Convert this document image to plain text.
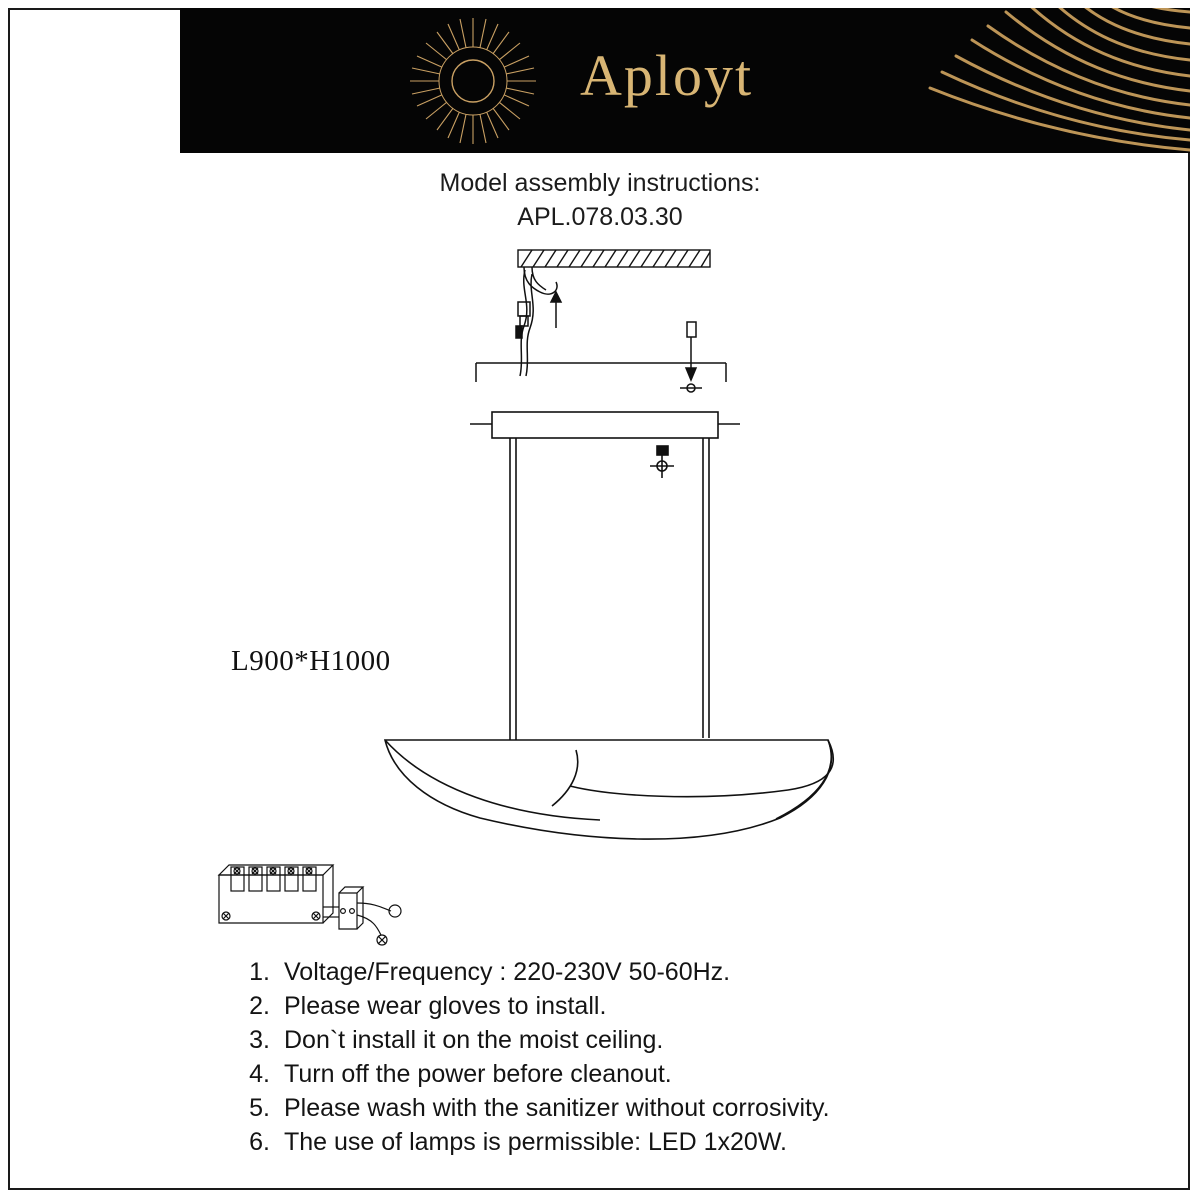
Aployt
Model assembly instructions:
APL.078.03.30
L900*H1000
1. Voltage/Frequency : 220-230V 50-60Hz.
2. Please wear gloves to install.
3. Don`t install it on the moist ceiling.
4. Turn off the power before cleanout.
5. Please wash with the sanitizer without corrosivity.
6. The use of lamps is permissible: LED 1x20W.
